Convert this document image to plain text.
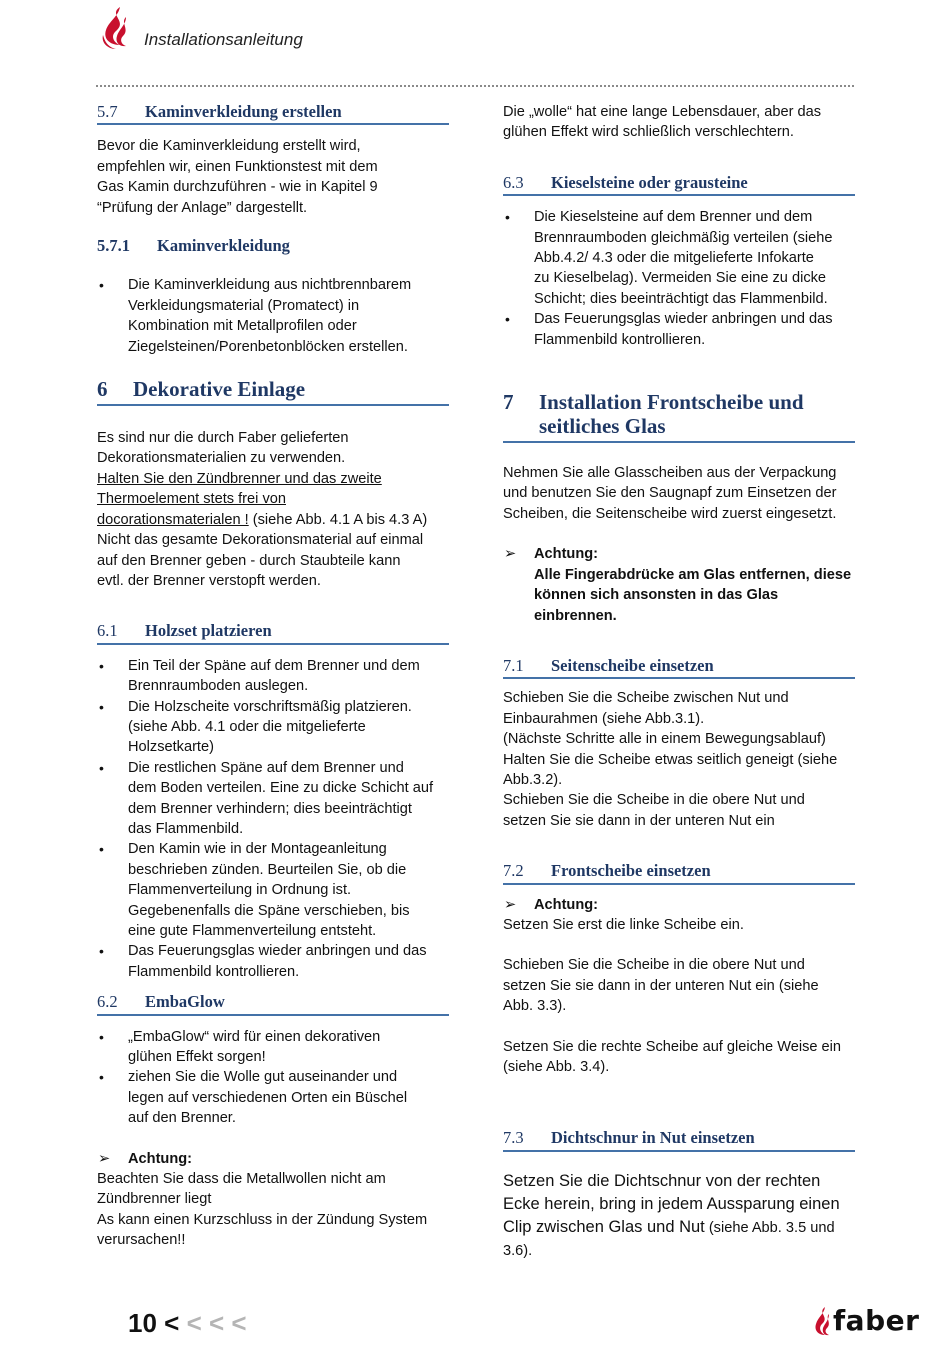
Installationsanleitung
5.7 Kaminverkleidung erstellen

Bevor die Kaminverkleidung erstellt wird,

empfehlen wir, einen Funktionstest mit dem

Gas Kamin durchzuführen - wie in Kapitel 9

“Prüfung der Anlage” dargestellt.

5.7.1 Kaminverkleidung

• Die Kaminverkleidung aus nichtbrennbarem

Verkleidungsmaterial (Promatect) in

Kombination mit Metallprofilen oder

Ziegelsteinen/Porenbetonblöcken erstellen.

6 Dekorative Einlage

Es sind nur die durch Faber gelieferten

Dekorationsmaterialien zu verwenden.

Halten Sie den Zündbrenner und das zweite

Thermoelement stets frei von

docorationsmaterialen ! (siehe Abb. 4.1 A bis 4.3 A)

Nicht das gesamte Dekorationsmaterial auf einmal

auf den Brenner geben - durch Staubteile kann

evtl. der Brenner verstopft werden.

6.1 Holzset platzieren

• Ein Teil der Späne auf dem Brenner und dem

Brennraumboden auslegen.

• Die Holzscheite vorschriftsmäßig platzieren.

(siehe Abb. 4.1 oder die mitgelieferte

Holzsetkarte)

• Die restlichen Späne auf dem Brenner und

dem Boden verteilen. Eine zu dicke Schicht auf

dem Brenner verhindern; dies beeinträchtigt

das Flammenbild.

• Den Kamin wie in der Montageanleitung

beschrieben zünden. Beurteilen Sie, ob die

Flammenverteilung in Ordnung ist.

Gegebenenfalls die Späne verschieben, bis

eine gute Flammenverteilung entsteht.

• Das Feuerungsglas wieder anbringen und das

Flammenbild kontrollieren.

6.2 EmbaGlow

• „EmbaGlow“ wird für einen dekorativen

glühen Effekt sorgen!

• ziehen Sie die Wolle gut auseinander und

legen auf verschiedenen Orten ein Büschel

auf den Brenner.

➢ Achtung:

Beachten Sie dass die Metallwollen nicht am

Zündbrenner liegt

As kann einen Kurzschluss in der Zündung System

verursachen!!

Die „wolle“ hat eine lange Lebensdauer, aber das

glühen Effekt wird schließlich verschlechtern.

6.3 Kieselsteine oder grausteine

• Die Kieselsteine auf dem Brenner und dem

Brennraumboden gleichmäßig verteilen (siehe

Abb.4.2/ 4.3 oder die mitgelieferte Infokarte

zu Kieselbelag). Vermeiden Sie eine zu dicke

Schicht; dies beeinträchtigt das Flammenbild.

• Das Feuerungsglas wieder anbringen und das

Flammenbild kontrollieren.

7	Installation Frontscheibe und

seitliches Glas

Nehmen Sie alle Glasscheiben aus der Verpackung

und benutzen Sie den Saugnapf zum Einsetzen der

Scheiben, die Seitenscheibe wird zuerst eingesetzt.

➢ Achtung:

Alle Fingerabdrücke am Glas entfernen, diese

können sich ansonsten in das Glas

einbrennen.

7.1 Seitenscheibe einsetzen

Schieben Sie die Scheibe zwischen Nut und

Einbaurahmen (siehe Abb.3.1).

(Nächste Schritte alle in einem Bewegungsablauf)

Halten Sie die Scheibe etwas seitlich geneigt (siehe

Abb.3.2).

Schieben Sie die Scheibe in die obere Nut und

setzen Sie sie dann in der unteren Nut ein

7.2 Frontscheibe einsetzen
➢ Achtung:

Setzen Sie erst die linke Scheibe ein.

Schieben Sie die Scheibe in die obere Nut und

setzen Sie sie dann in der unteren Nut ein (siehe

Abb. 3.3).

Setzen Sie die rechte Scheibe auf gleiche Weise ein

(siehe Abb. 3.4).

7.3 Dichtschnur in Nut einsetzen

Setzen Sie die Dichtschnur von der rechten

Ecke herein, bring in jedem Aussparung einen

Clip zwischen Glas und Nut (siehe Abb. 3.5 und

3.6).

10 < < < <	faber
